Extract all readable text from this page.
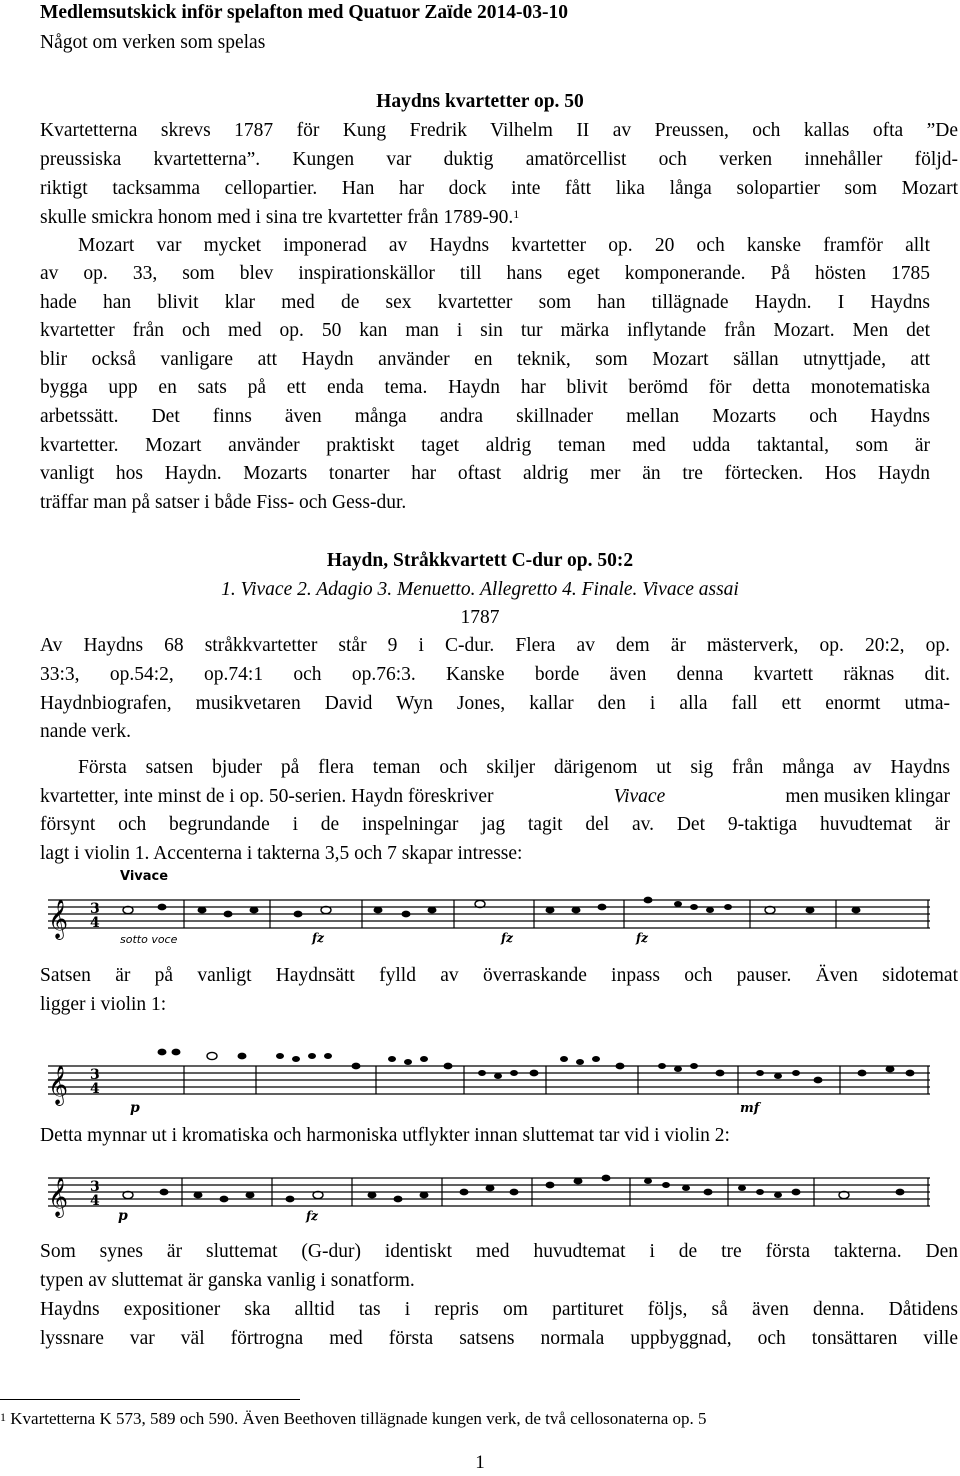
Medlemsutskick inför spelafton med Quatuor Zaïde 2014-03-10
Något om verken som spelas
Haydns kvartetter op. 50
Kvartetterna skrevs 1787 för Kung Fredrik Vilhelm II av Preussen, och kallas ofta ”De
preussiska kvartetterna”. Kungen var duktig amatörcellist och verken innehåller följd-
riktigt tacksamma cellopartier. Han har dock inte fått lika långa solopartier som Mozart
skulle smickra honom med i sina tre kvartetter från 1789-90.$^1$
Mozart var mycket imponerad av Haydns kvartetter op. 20 och kanske framför allt
av op. 33, som blev inspirationskällor till hans eget komponerande. På hösten 1785
hade han blivit klar med de sex kvartetter som han tillägnade Haydn. I Haydns
kvartetter från och med op. 50 kan man i sin tur märka inflytande från Mozart. Men det
blir också vanligare att Haydn använder en teknik, som Mozart sällan utnyttjade, att
bygga upp en sats på ett enda tema. Haydn har blivit berömd för detta monotematiska
arbetssätt. Det finns även många andra skillnader mellan Mozarts och Haydns
kvartetter. Mozart använder praktiskt taget aldrig teman med udda taktantal, som är
vanligt hos Haydn. Mozarts tonarter har oftast aldrig mer än tre förtecken. Hos Haydn
träffar man på satser i både Fiss- och Gess-dur.
Haydn, Stråkkvartett C-dur op. 50:2
1. Vivace 2. Adagio 3. Menuetto. Allegretto 4. Finale. Vivace assai
1787
Av Haydns 68 stråkkvartetter står 9 i C-dur. Flera av dem är mästerverk, op. 20:2, op.
33:3, op.54:2, op.74:1 och op.76:3. Kanske borde även denna kvartett räknas dit.
Haydnbiografen, musikvetaren David Wyn Jones, kallar den i alla fall ett enormt utma-
nande verk.
Första satsen bjuder på flera teman och skiljer därigenom ut sig från många av Haydns
kvartetter, inte minst de i op. 50-serien. Haydn föreskriver	Vivace	men musiken klingar
försynt och begrundande i de inspelningar jag tagit del av. Det 9-taktiga huvudtemat är
lagt i violin 1. Accenterna i takterna 3,5 och 7 skapar intresse:
Vivace
𝄞 3
4
sotto voce	fz	fz	fz
Satsen är på vanligt Haydnsätt fylld av överraskande inpass och pauser. Även sidotemat
ligger i violin 1:
𝄞 3
4
p	mf
Detta mynnar ut i kromatiska och harmoniska utflykter innan sluttemat tar vid i violin 2:
𝄞 3
4
p	fz
Som synes är sluttemat (G-dur) identiskt med huvudtemat i de tre första takterna. Den
typen av sluttemat är ganska vanlig i sonatform.
Haydns expositioner ska alltid tas i repris om partituret följs, så även denna. Dåtidens
lyssnare var väl förtrogna med första satsens normala uppbyggnad, och tonsättaren ville
$^1$ Kvartetterna K 573, 589 och 590. Även Beethoven tillägnade kungen verk, de två cellosonaterna op. 5
1
